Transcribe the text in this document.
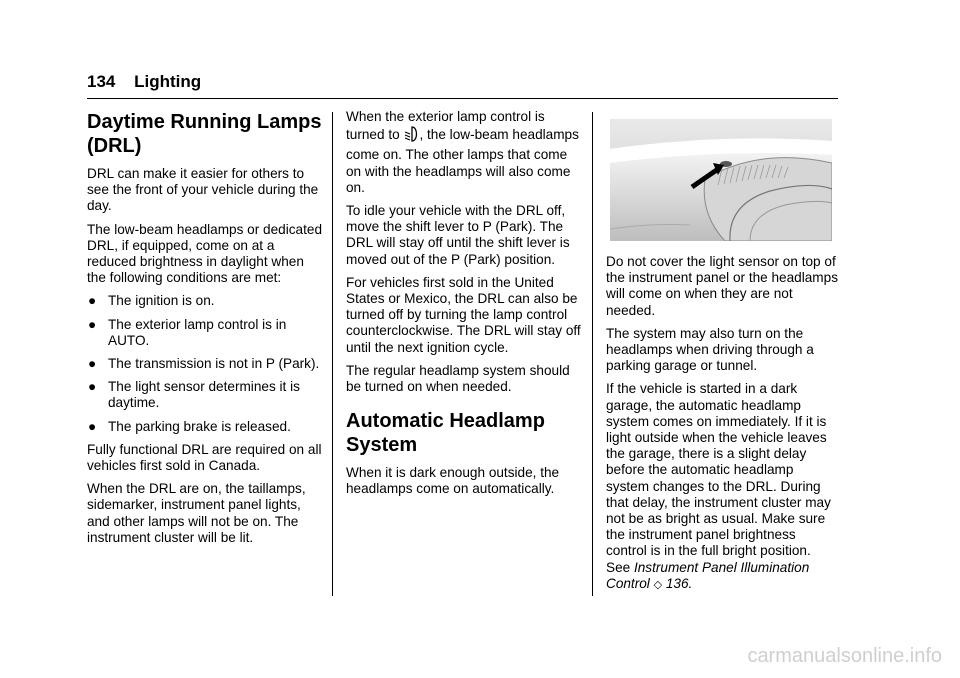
134 Lighting
Daytime Running Lamps (DRL)

DRL can make it easier for others to see the front of your vehicle during the day.

The low-beam headlamps or dedicated DRL, if equipped, come on at a reduced brightness in daylight when the following conditions are met:

● The ignition is on.
● The exterior lamp control is in AUTO.
● The transmission is not in P (Park).
● The light sensor determines it is daytime.
● The parking brake is released.

Fully functional DRL are required on all vehicles first sold in Canada.

When the DRL are on, the taillamps, sidemarker, instrument panel lights, and other lamps will not be on. The instrument cluster will be lit.

When the exterior lamp control is turned to , the low-beam headlamps come on. The other lamps that come on with the headlamps will also come on.

To idle your vehicle with the DRL off, move the shift lever to P (Park). The DRL will stay off until the shift lever is moved out of the P (Park) position.

For vehicles first sold in the United States or Mexico, the DRL can also be turned off by turning the lamp control counterclockwise. The DRL will stay off until the next ignition cycle.

The regular headlamp system should be turned on when needed.

Automatic Headlamp System

When it is dark enough outside, the headlamps come on automatically.

Do not cover the light sensor on top of the instrument panel or the headlamps will come on when they are not needed.

The system may also turn on the headlamps when driving through a parking garage or tunnel.

If the vehicle is started in a dark garage, the automatic headlamp system comes on immediately. If it is light outside when the vehicle leaves the garage, there is a slight delay before the automatic headlamp system changes to the DRL. During that delay, the instrument cluster may not be as bright as usual. Make sure the instrument panel brightness control is in the full bright position. See Instrument Panel Illumination Control ◇ 136.

carmanualsonline.info
